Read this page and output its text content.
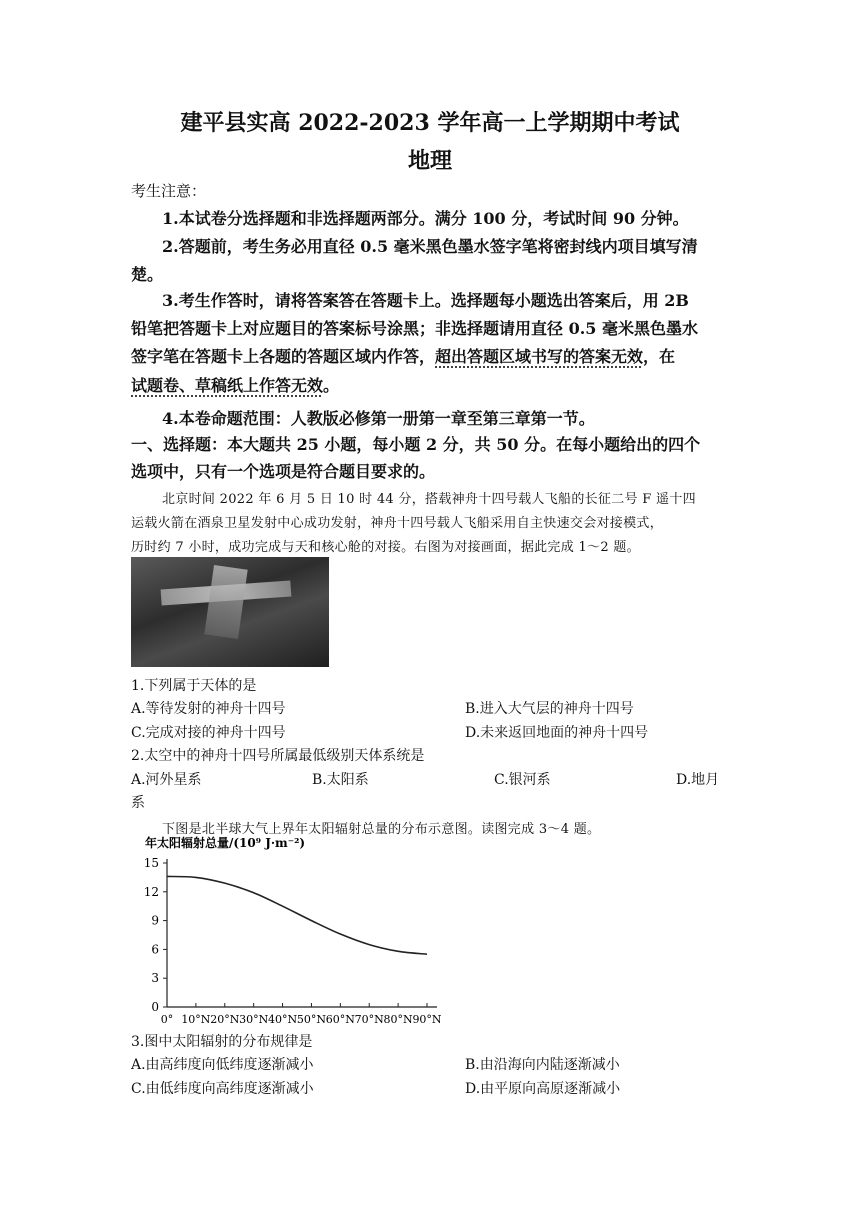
建平县实高 2022-2023 学年高一上学期期中考试
地理
考生注意：
1.本试卷分选择题和非选择题两部分。满分 100 分，考试时间 90 分钟。
2.答题前，考生务必用直径 0.5 毫米黑色墨水签字笔将密封线内项目填写清
楚。
3.考生作答时，请将答案答在答题卡上。选择题每小题选出答案后，用 2B
铅笔把答题卡上对应题目的答案标号涂黑；非选择题请用直径 0.5 毫米黑色墨水
签字笔在答题卡上各题的答题区域内作答，超出答题区域书写的答案无效，在
试题卷、草稿纸上作答无效。
4.本卷命题范围：人教版必修第一册第一章至第三章第一节。
一、选择题：本大题共 25 小题，每小题 2 分，共 50 分。在每小题给出的四个
选项中，只有一个选项是符合题目要求的。
北京时间 2022 年 6 月 5 日 10 时 44 分，搭载神舟十四号载人飞船的长征二号 F 遥十四
运载火箭在酒泉卫星发射中心成功发射，神舟十四号载人飞船采用自主快速交会对接模式，
历时约 7 小时，成功完成与天和核心舱的对接。右图为对接画面，据此完成 1～2 题。
1.下列属于天体的是
A.等待发射的神舟十四号	B.进入大气层的神舟十四号
C.完成对接的神舟十四号	D.未来返回地面的神舟十四号
2.太空中的神舟十四号所属最低级别天体系统是
A.河外星系	B.太阳系	C.银河系	D.地月
系
下图是北半球大气上界年太阳辐射总量的分布示意图。读图完成 3～4 题。
年太阳辐射总量/(10⁹ J·m⁻²)
0
3
6
9
12
15
0° 10°N 20°N 30°N 40°N 50°N 60°N 70°N 80°N 90°N
3.图中太阳辐射的分布规律是
A.由高纬度向低纬度逐渐减小	B.由沿海向内陆逐渐减小
C.由低纬度向高纬度逐渐减小	D.由平原向高原逐渐减小
